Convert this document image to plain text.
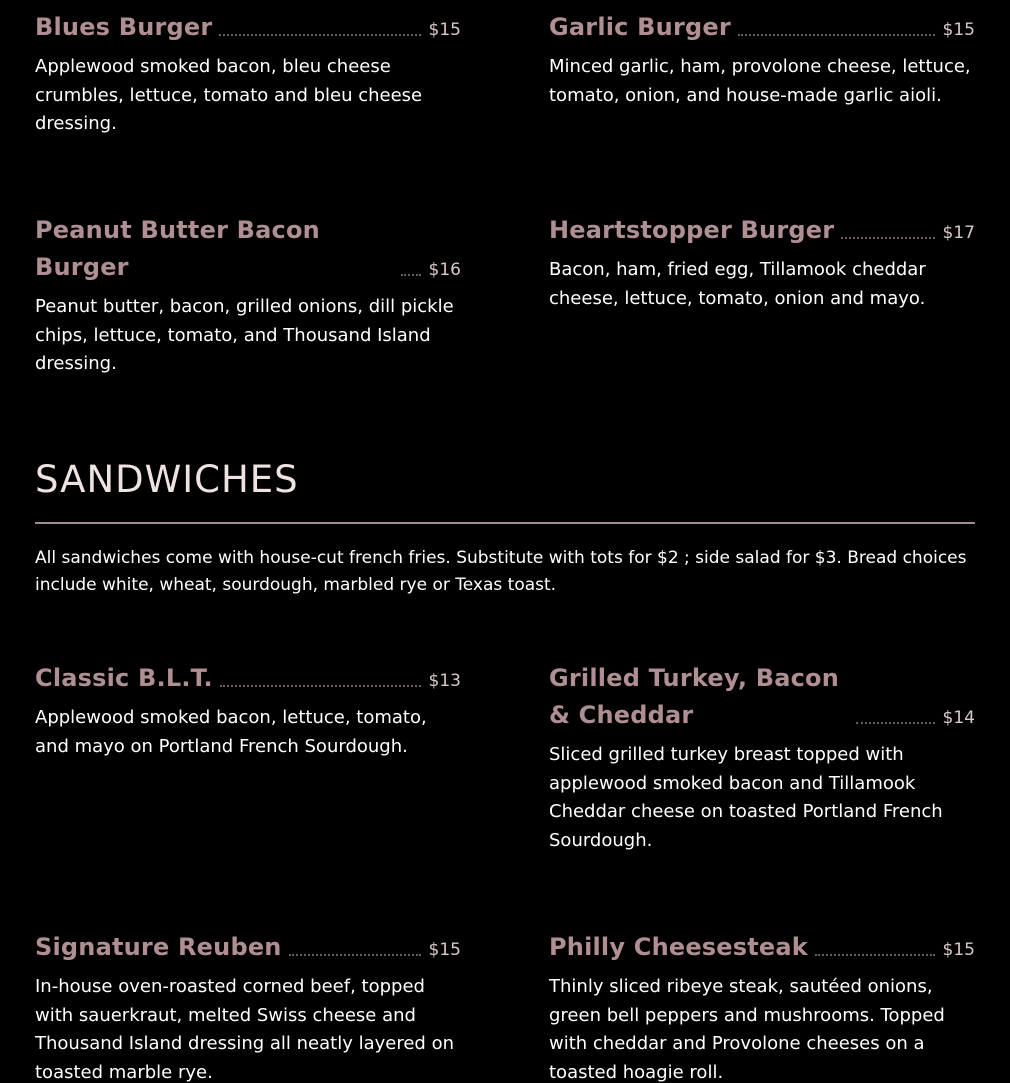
Blues Burger	$15
Applewood smoked bacon, bleu cheese crumbles, lettuce, tomato and bleu cheese dressing.
Garlic Burger	$15
Minced garlic, ham, provolone cheese, lettuce, tomato, onion, and house-made garlic aioli.
Peanut Butter Bacon Burger	$16
Peanut butter, bacon, grilled onions, dill pickle chips, lettuce, tomato, and Thousand Island dressing.
Heartstopper Burger	$17
Bacon, ham, fried egg, Tillamook cheddar cheese, lettuce, tomato, onion and mayo.
SANDWICHES
All sandwiches come with house-cut french fries. Substitute with tots for $2 ; side salad for $3. Bread choices include white, wheat, sourdough, marbled rye or Texas toast.
Classic B.L.T.	$13
Applewood smoked bacon, lettuce, tomato, and mayo on Portland French Sourdough.
Grilled Turkey, Bacon & Cheddar	$14
Sliced grilled turkey breast topped with applewood smoked bacon and Tillamook Cheddar cheese on toasted Portland French Sourdough.
Signature Reuben	$15
In-house oven-roasted corned beef, topped with sauerkraut, melted Swiss cheese and Thousand Island dressing all neatly layered on toasted marble rye.
Philly Cheesesteak	$15
Thinly sliced ribeye steak, sautéed onions, green bell peppers and mushrooms. Topped with cheddar and Provolone cheeses on a toasted hoagie roll.
